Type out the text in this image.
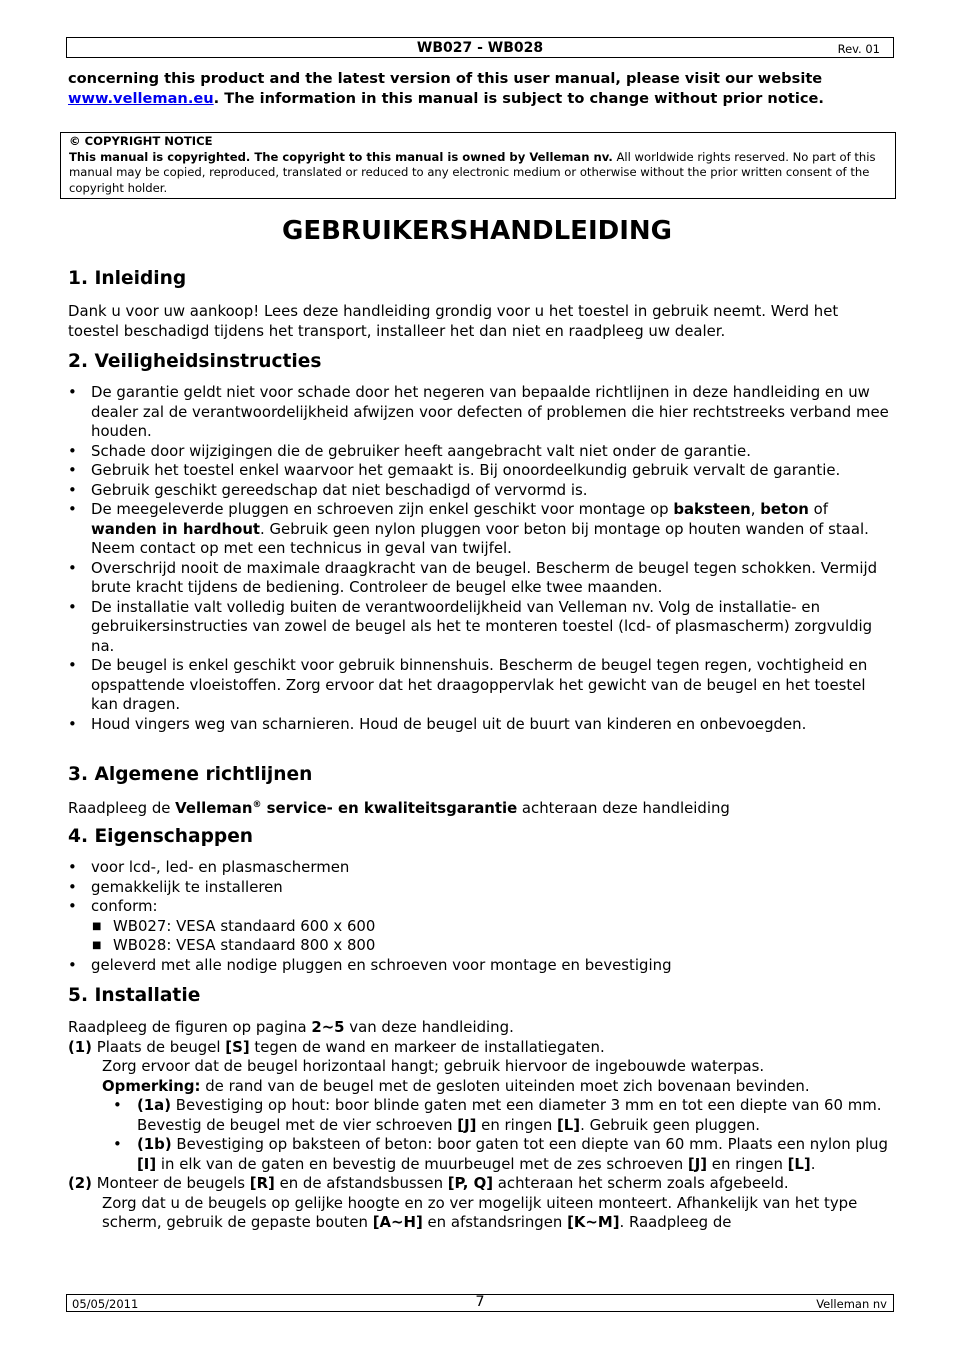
WB027 - WB028	Rev. 01
concerning this product and the latest version of this user manual, please visit our website www.velleman.eu. The information in this manual is subject to change without prior notice.
© COPYRIGHT NOTICE
This manual is copyrighted. The copyright to this manual is owned by Velleman nv. All worldwide rights reserved. No part of this manual may be copied, reproduced, translated or reduced to any electronic medium or otherwise without the prior written consent of the copyright holder.
GEBRUIKERSHANDLEIDING
1. Inleiding

Dank u voor uw aankoop! Lees deze handleiding grondig voor u het toestel in gebruik neemt. Werd het toestel beschadigd tijdens het transport, installeer het dan niet en raadpleeg uw dealer.

2. Veiligheidsinstructies
• De garantie geldt niet voor schade door het negeren van bepaalde richtlijnen in deze handleiding en uw dealer zal de verantwoordelijkheid afwijzen voor defecten of problemen die hier rechtstreeks verband mee houden.
• Schade door wijzigingen die de gebruiker heeft aangebracht valt niet onder de garantie.
• Gebruik het toestel enkel waarvoor het gemaakt is. Bij onoordeelkundig gebruik vervalt de garantie.
• Gebruik geschikt gereedschap dat niet beschadigd of vervormd is.
• De meegeleverde pluggen en schroeven zijn enkel geschikt voor montage op baksteen, beton of wanden in hardhout. Gebruik geen nylon pluggen voor beton bij montage op houten wanden of staal. Neem contact op met een technicus in geval van twijfel.
• Overschrijd nooit de maximale draagkracht van de beugel. Bescherm de beugel tegen schokken. Vermijd brute kracht tijdens de bediening. Controleer de beugel elke twee maanden.
• De installatie valt volledig buiten de verantwoordelijkheid van Velleman nv. Volg de installatie- en gebruikersinstructies van zowel de beugel als het te monteren toestel (lcd- of plasmascherm) zorgvuldig na.
• De beugel is enkel geschikt voor gebruik binnenshuis. Bescherm de beugel tegen regen, vochtigheid en opspattende vloeistoffen. Zorg ervoor dat het draagoppervlak het gewicht van de beugel en het toestel kan dragen.
• Houd vingers weg van scharnieren. Houd de beugel uit de buurt van kinderen en onbevoegden.
3. Algemene richtlijnen

Raadpleeg de Velleman® service- en kwaliteitsgarantie achteraan deze handleiding

4. Eigenschappen
• voor lcd-, led- en plasmaschermen
• gemakkelijk te installeren
• conform:
■ WB027: VESA standaard 600 x 600
■ WB028: VESA standaard 800 x 800
• geleverd met alle nodige pluggen en schroeven voor montage en bevestiging
5. Installatie
Raadpleeg de figuren op pagina 2~5 van deze handleiding.
(1) Plaats de beugel [S] tegen de wand en markeer de installatiegaten.
Zorg ervoor dat de beugel horizontaal hangt; gebruik hiervoor de ingebouwde waterpas.
Opmerking: de rand van de beugel met de gesloten uiteinden moet zich bovenaan bevinden.
• (1a) Bevestiging op hout: boor blinde gaten met een diameter 3 mm en tot een diepte van 60 mm. Bevestig de beugel met de vier schroeven [J] en ringen [L]. Gebruik geen pluggen.
• (1b) Bevestiging op baksteen of beton: boor gaten tot een diepte van 60 mm. Plaats een nylon plug [I] in elk van de gaten en bevestig de muurbeugel met de zes schroeven [J] en ringen [L].
(2) Monteer de beugels [R] en de afstandsbussen [P, Q] achteraan het scherm zoals afgebeeld.
Zorg dat u de beugels op gelijke hoogte en zo ver mogelijk uiteen monteert. Afhankelijk van het type scherm, gebruik de gepaste bouten [A~H] en afstandsringen [K~M]. Raadpleeg de
05/05/2011	7	Velleman nv
